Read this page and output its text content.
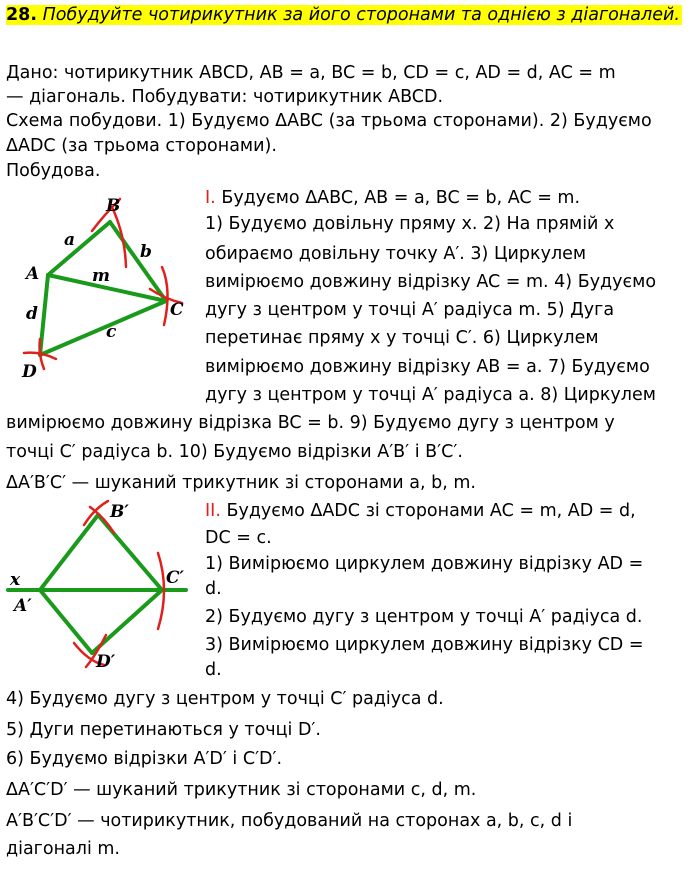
28. Побудуйте чотирикутник за його сторонами та однією з діагоналей.
Дано: чотирикутник ABCD, AB = a, BC = b, CD = c, AD = d, AC = m
— діагональ. Побудувати: чотирикутник ABCD.
Схема побудови. 1) Будуємо ΔABC (за трьома сторонами). 2) Будуємо
ΔADC (за трьома сторонами).
Побудова.
I. Будуємо ΔABC, AB = a, BC = b, AC = m.
1) Будуємо довільну пряму x. 2) На прямій x
обираємо довільну точку A′. 3) Циркулем
вимірюємо довжину відрізку AC = m. 4) Будуємо
дугу з центром у точці A′ радіуса m. 5) Дуга
перетинає пряму x у точці C′. 6) Циркулем
вимірюємо довжину відрізку AB = a. 7) Будуємо
дугу з центром у точці A′ радіуса a. 8) Циркулем
вимірюємо довжину відрізка BC = b. 9) Будуємо дугу з центром у
точці C′ радіуса b. 10) Будуємо відрізки A′B′ і B′C′.
ΔA′B′C′ — шуканий трикутник зі сторонами a, b, m.
II. Будуємо ΔADC зі сторонами AC = m, AD = d,
DC = c.
1) Вимірюємо циркулем довжину відрізку AD =
d.
2) Будуємо дугу з центром у точці A′ радіуса d.
3) Вимірюємо циркулем довжину відрізку CD =
d.
4) Будуємо дугу з центром у точці C′ радіуса d.
5) Дуги перетинаються у точці D′.
6) Будуємо відрізки A′D′ і C′D′.
ΔA′C′D′ — шуканий трикутник зі сторонами c, d, m.
A′B′C′D′ — чотирикутник, побудований на сторонах a, b, c, d і
діагоналі m.
B
A
C
D
a
b
m
d
c
B′
A′
C′
D′
x
